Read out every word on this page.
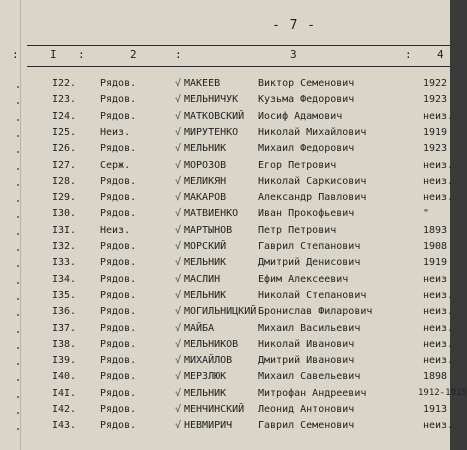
- 7 -
:	I :	2	:	3	: 4
I22. Рядов.	МАКЕЕВ	Виктор Семенович	1922
√
I23. Рядов.	МЕЛЬНИЧУК Кузьма Федорович	1923
√
I24. Рядов.	МАТКОВСКИЙ Иосиф Адамович	неиз.
√
I25. Неиз.	МИРУТЕНКО Николай Михайлович	1919
√
I26. Рядов.	МЕЛЬНИК	Михаил Федорович	1923
√
I27. Серж.	МОРОЗОВ	Егор Петрович	неиз.
√
I28. Рядов.	МЕЛИКЯН	Николай Саркисович	неиз.
√
I29. Рядов.	МАКАРОВ	Александр Павлович	неиз.
√
I30. Рядов.	МАТВИЕНКО Иван Прокофьевич	"
√
I3I. Неиз.	МАРТЫНОВ	Петр Петрович	1893
√
I32. Рядов.	МОРСКИЙ	Гаврил Степанович	1908
√
I33. Рядов.	МЕЛЬНИК	Дмитрий Денисович	1919
√
I34. Рядов.	МАСЛИН	Ефим Алексеевич	неиз
√
I35. Рядов.	МЕЛЬНИК	Николай Степанович	неиз.
√
I36. Рядов.	МОГИЛЬНИЦКИЙ Бронислав Филарович	неиз.
√
I37. Рядов.	МАЙБА	Михаил Васильевич	неиз.
√
I38. Рядов.	МЕЛЬНИКОВ Николай Иванович	неиз.
√
I39. Рядов.	МИХАЙЛОВ	Дмитрий Иванович	неиз.
√
I40. Рядов.	МЕРЗЛЮК	Михаил Савельевич	1898
√
I4I. Рядов.	МЕЛЬНИК	Митрофан Андреевич	1912-1915
√
I42. Рядов.	МЕНЧИНСКИЙ Леонид Антонович	1913
√
I43. Рядов.	НЕВМИРИЧ	Гаврил Семенович	неиз.
√
